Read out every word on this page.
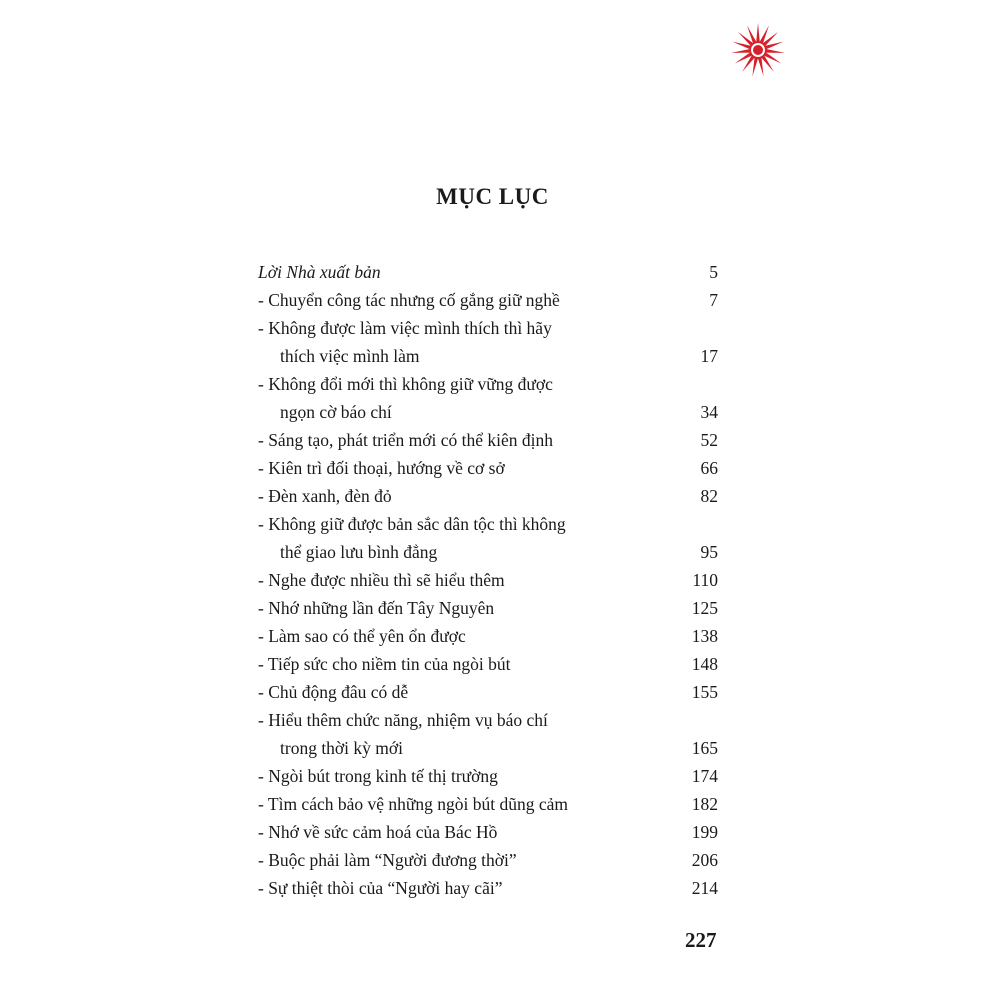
MỤC LỤC
Lời Nhà xuất bản	5
- Chuyển công tác nhưng cố gắng giữ nghề	7
- Không được làm việc mình thích thì hãy
thích việc mình làm	17
- Không đổi mới thì không giữ vững được
ngọn cờ báo chí	34
- Sáng tạo, phát triển mới có thể kiên định	52
- Kiên trì đối thoại, hướng về cơ sở	66
- Đèn xanh, đèn đỏ	82
- Không giữ được bản sắc dân tộc thì không
thể giao lưu bình đẳng	95
- Nghe được nhiều thì sẽ hiểu thêm	110
- Nhớ những lần đến Tây Nguyên	125
- Làm sao có thể yên ổn được	138
- Tiếp sức cho niềm tin của ngòi bút	148
- Chủ động đâu có dễ	155
- Hiểu thêm chức năng, nhiệm vụ báo chí
trong thời kỳ mới	165
- Ngòi bút trong kinh tế thị trường	174
- Tìm cách bảo vệ những ngòi bút dũng cảm	182
- Nhớ về sức cảm hoá của Bác Hồ	199
- Buộc phải làm “Người đương thời”	206
- Sự thiệt thòi của “Người hay cãi”	214
227
